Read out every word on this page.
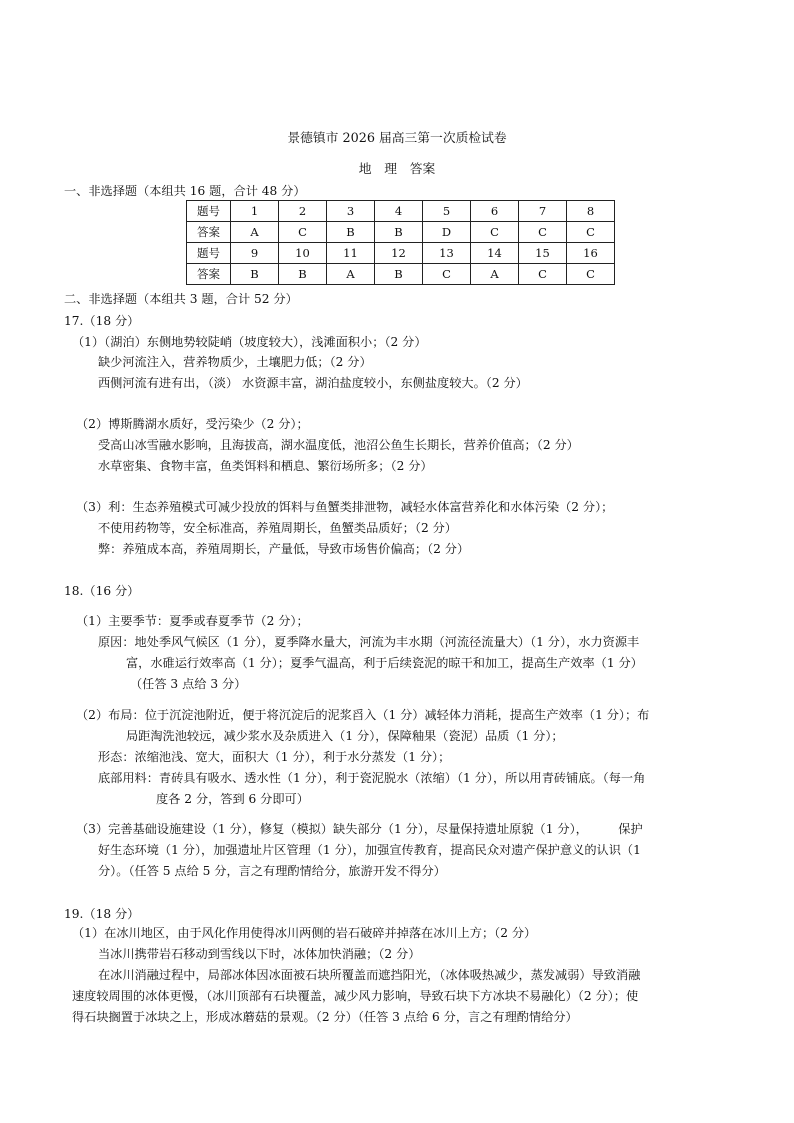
景德镇市 2026 届高三第一次质检试卷
地　理　答案
一、非选择题（本组共 16 题，合计 48 分）
题号	1	2	3	4	5	6	7	8
答案	A	C	B	B	D	C	C	C
题号	9	10	11	12	13	14	15	16
答案	B	B	A	B	C	A	C	C
二、非选择题（本组共 3 题，合计 52 分）
17.（18 分）
（1）（湖泊）东侧地势较陡峭（坡度较大），浅滩面积小；（2 分）
缺少河流注入，营养物质少，土壤肥力低；（2 分）
西侧河流有进有出，（淡） 水资源丰富，湖泊盐度较小，东侧盐度较大。（2 分）
（2）博斯腾湖水质好，受污染少（2 分）；
受高山冰雪融水影响，且海拔高，湖水温度低，池沼公鱼生长期长，营养价值高；（2 分）
水草密集、食物丰富，鱼类饵料和栖息、繁衍场所多；（2 分）
（3）利：生态养殖模式可减少投放的饵料与鱼蟹类排泄物，减轻水体富营养化和水体污染（2 分）；
不使用药物等，安全标准高，养殖周期长，鱼蟹类品质好；（2 分）
弊：养殖成本高，养殖周期长，产量低，导致市场售价偏高；（2 分）
18.（16 分）
（1）主要季节：夏季或春夏季节（2 分）；
原因：地处季风气候区（1 分），夏季降水量大，河流为丰水期（河流径流量大）（1 分），水力资源丰
富，水碓运行效率高（1 分）；夏季气温高，利于后续瓷泥的晾干和加工，提高生产效率（1 分）
（任答 3 点给 3 分）
（2）布局：位于沉淀池附近，便于将沉淀后的泥浆舀入（1 分）减轻体力消耗，提高生产效率（1 分）；布
局距淘洗池较远，减少浆水及杂质进入（1 分），保障釉果（瓷泥）品质（1 分）；
形态：浓缩池浅、宽大，面积大（1 分），利于水分蒸发（1 分）；
底部用料：青砖具有吸水、透水性（1 分），利于瓷泥脱水（浓缩）（1 分），所以用青砖铺底。（每一角
度各 2 分，答到 6 分即可）
（3）完善基础设施建设（1 分），修复（模拟）缺失部分（1 分），尽量保持遗址原貌（1 分），　　　保护
好生态环境（1 分），加强遗址片区管理（1 分），加强宣传教育，提高民众对遗产保护意义的认识（1
分）。（任答 5 点给 5 分，言之有理酌情给分，旅游开发不得分）
19.（18 分）
（1）在冰川地区，由于风化作用使得冰川两侧的岩石破碎并掉落在冰川上方；（2 分）
当冰川携带岩石移动到雪线以下时，冰体加快消融；（2 分）
在冰川消融过程中，局部冰体因冰面被石块所覆盖而遮挡阳光，（冰体吸热减少，蒸发减弱）导致消融
速度较周围的冰体更慢，（冰川顶部有石块覆盖，减少风力影响，导致石块下方冰块不易融化）（2 分）；使
得石块搁置于冰块之上，形成冰蘑菇的景观。（2 分）（任答 3 点给 6 分，言之有理酌情给分）
